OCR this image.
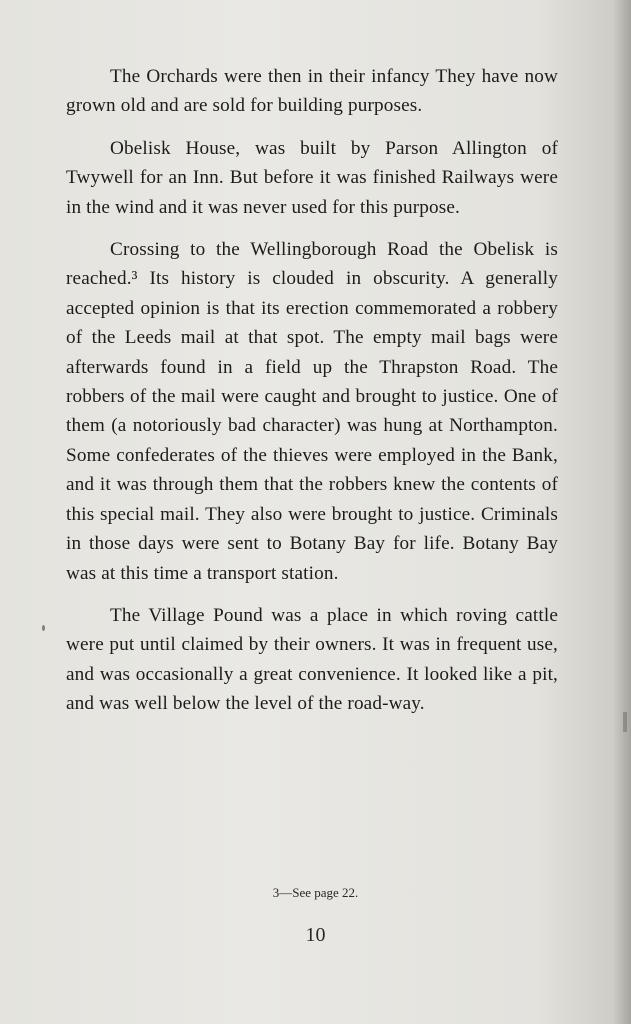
The Orchards were then in their infancy They have now grown old and are sold for building purposes.

Obelisk House, was built by Parson Allington of Twywell for an Inn. But before it was finished Railways were in the wind and it was never used for this purpose.

Crossing to the Wellingborough Road the Obelisk is reached.³ Its history is clouded in obscurity. A generally accepted opinion is that its erection commemorated a robbery of the Leeds mail at that spot. The empty mail bags were afterwards found in a field up the Thrapston Road. The robbers of the mail were caught and brought to justice. One of them (a notoriously bad character) was hung at Northampton. Some confederates of the thieves were employed in the Bank, and it was through them that the robbers knew the contents of this special mail. They also were brought to justice. Criminals in those days were sent to Botany Bay for life. Botany Bay was at this time a transport station.

The Village Pound was a place in which roving cattle were put until claimed by their owners. It was in frequent use, and was occasionally a great convenience. It looked like a pit, and was well below the level of the road-way.

3—See page 22.
10
